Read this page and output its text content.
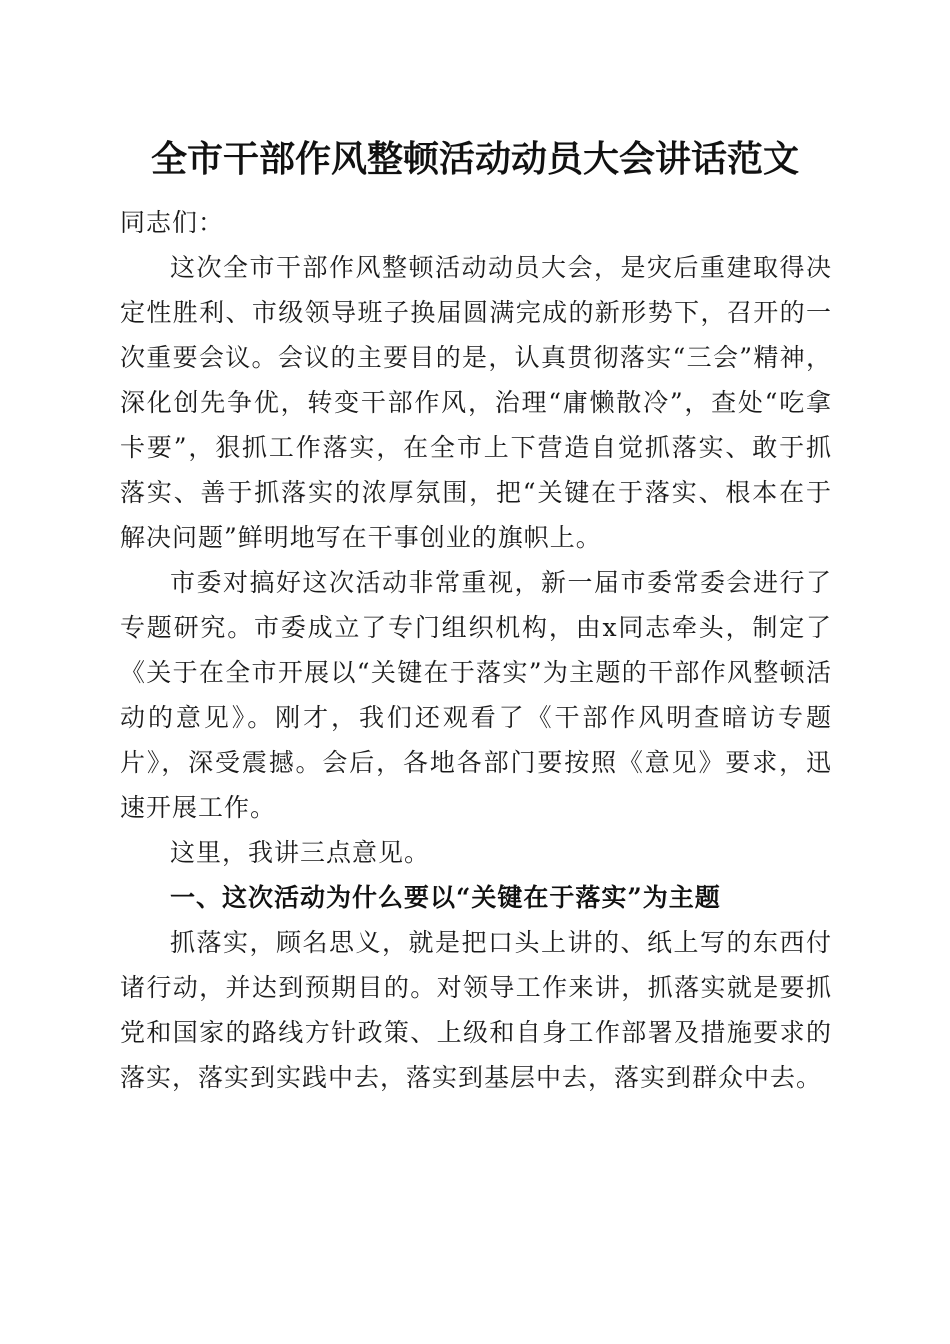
全市干部作风整顿活动动员大会讲话范文

同志们：

这次全市干部作风整顿活动动员大会，是灾后重建取得决定性胜利、市级领导班子换届圆满完成的新形势下，召开的一次重要会议。会议的主要目的是，认真贯彻落实“三会”精神，深化创先争优，转变干部作风，治理“庸懒散冷”，查处“吃拿卡要”，狠抓工作落实，在全市上下营造自觉抓落实、敢于抓落实、善于抓落实的浓厚氛围，把“关键在于落实、根本在于解决问题”鲜明地写在干事创业的旗帜上。

市委对搞好这次活动非常重视，新一届市委常委会进行了专题研究。市委成立了专门组织机构，由x同志牵头，制定了《关于在全市开展以“关键在于落实”为主题的干部作风整顿活动的意见》。刚才，我们还观看了《干部作风明查暗访专题片》，深受震撼。会后，各地各部门要按照《意见》要求，迅速开展工作。

这里，我讲三点意见。

一、这次活动为什么要以“关键在于落实”为主题

抓落实，顾名思义，就是把口头上讲的、纸上写的东西付诸行动，并达到预期目的。对领导工作来讲，抓落实就是要抓党和国家的路线方针政策、上级和自身工作部署及措施要求的落实，落实到实践中去，落实到基层中去，落实到群众中去。
